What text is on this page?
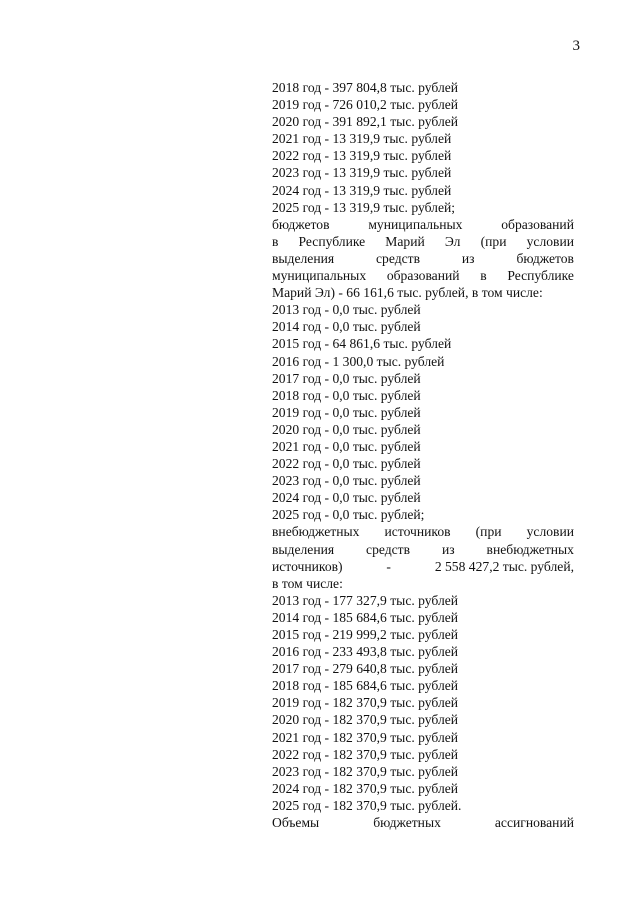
3
2018 год - 397 804,8 тыс. рублей
2019 год - 726 010,2 тыс. рублей
2020 год - 391 892,1 тыс. рублей
2021 год - 13 319,9 тыс. рублей
2022 год - 13 319,9 тыс. рублей
2023 год - 13 319,9 тыс. рублей
2024 год - 13 319,9 тыс. рублей
2025 год - 13 319,9 тыс. рублей;
бюджетов	муниципальных	образований
в Республике Марий Эл (при условии
выделения	средств	из	бюджетов
муниципальных образований в Республике
Марий Эл) - 66 161,6 тыс. рублей, в том числе:
2013 год - 0,0 тыс. рублей
2014 год - 0,0 тыс. рублей
2015 год - 64 861,6 тыс. рублей
2016 год - 1 300,0 тыс. рублей
2017 год - 0,0 тыс. рублей
2018 год - 0,0 тыс. рублей
2019 год - 0,0 тыс. рублей
2020 год - 0,0 тыс. рублей
2021 год - 0,0 тыс. рублей
2022 год - 0,0 тыс. рублей
2023 год - 0,0 тыс. рублей
2024 год - 0,0 тыс. рублей
2025 год - 0,0 тыс. рублей;
внебюджетных источников (при условии
выделения средств из внебюджетных
источников)	-	2 558 427,2 тыс. рублей,
в том числе:
2013 год - 177 327,9 тыс. рублей
2014 год - 185 684,6 тыс. рублей
2015 год - 219 999,2 тыс. рублей
2016 год - 233 493,8 тыс. рублей
2017 год - 279 640,8 тыс. рублей
2018 год - 185 684,6 тыс. рублей
2019 год - 182 370,9 тыс. рублей
2020 год - 182 370,9 тыс. рублей
2021 год - 182 370,9 тыс. рублей
2022 год - 182 370,9 тыс. рублей
2023 год - 182 370,9 тыс. рублей
2024 год - 182 370,9 тыс. рублей
2025 год - 182 370,9 тыс. рублей.
Объемы	бюджетных	ассигнований
